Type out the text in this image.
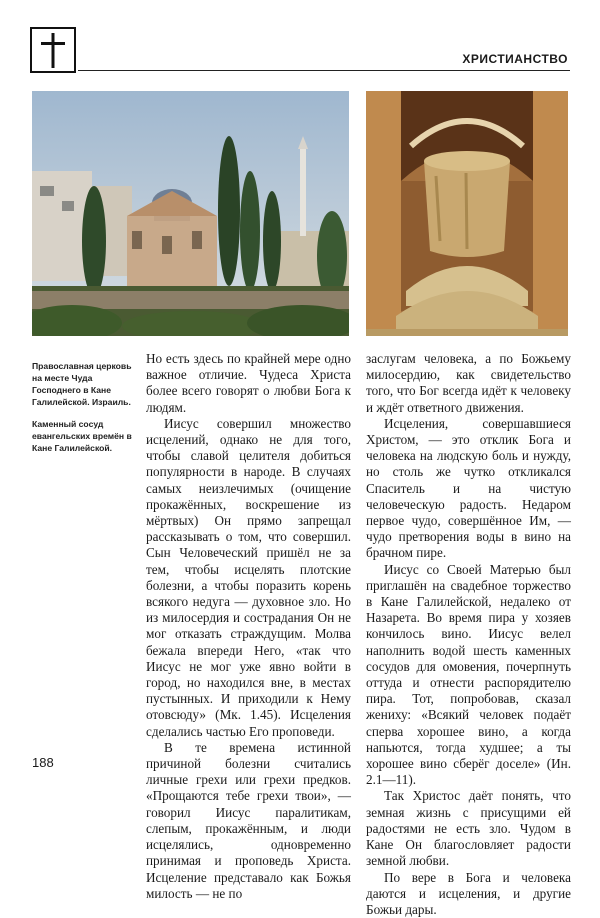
ХРИСТИАНСТВО
Православная церковь на месте Чуда Господнего в Кане Галилейской. Израиль.
Каменный сосуд евангельских времён в Кане Галилейской.

Но есть здесь по крайней мере одно важное отличие. Чудеса Христа более всего говорят о любви Бога к людям.

Иисус совершил множество исцелений, однако не для того, чтобы славой целителя добиться популярности в народе. В случаях самых неизлечимых (очищение прокажённых, воскрешение из мёртвых) Он прямо запрещал рассказывать о том, что совершил. Сын Человеческий пришёл не за тем, чтобы исцелять плотские болезни, а чтобы поразить корень всякого недуга — духовное зло. Но из милосердия и сострадания Он не мог отказать страждущим. Молва бежала впереди Него, «так что Иисус не мог уже явно войти в город, но находился вне, в местах пустынных. И приходили к Нему отовсюду» (Мк. 1.45). Исцеления сделались частью Его проповеди.

В те времена истинной причиной болезни считались личные грехи или грехи предков. «Прощаются тебе грехи твои», — говорил Иисус паралитикам, слепым, прокажённым, и люди исцелялись, одновременно принимая и проповедь Христа. Исцеление представало как Божья милость — не по

заслугам человека, а по Божьему милосердию, как свидетельство того, что Бог всегда идёт к человеку и ждёт ответного движения.

Исцеления, совершавшиеся Христом, — это отклик Бога и человека на людскую боль и нужду, но столь же чутко откликался Спаситель и на чистую человеческую радость. Недаром первое чудо, совершённое Им, — чудо претворения воды в вино на брачном пире.

Иисус со Своей Матерью был приглашён на свадебное торжество в Кане Галилейской, недалеко от Назарета. Во время пира у хозяев кончилось вино. Иисус велел наполнить водой шесть каменных сосудов для омовения, почерпнуть оттуда и отнести распорядителю пира. Тот, попробовав, сказал жениху: «Всякий человек подаёт сперва хорошее вино, а когда напьются, тогда худшее; а ты хорошее вино сберёг доселе» (Ин. 2.1—11).

Так Христос даёт понять, что земная жизнь с присущими ей радостями не есть зло. Чудом в Кане Он благословляет радости земной любви.

По вере в Бога и человека даются и исцеления, и другие Божьи дары.

188
